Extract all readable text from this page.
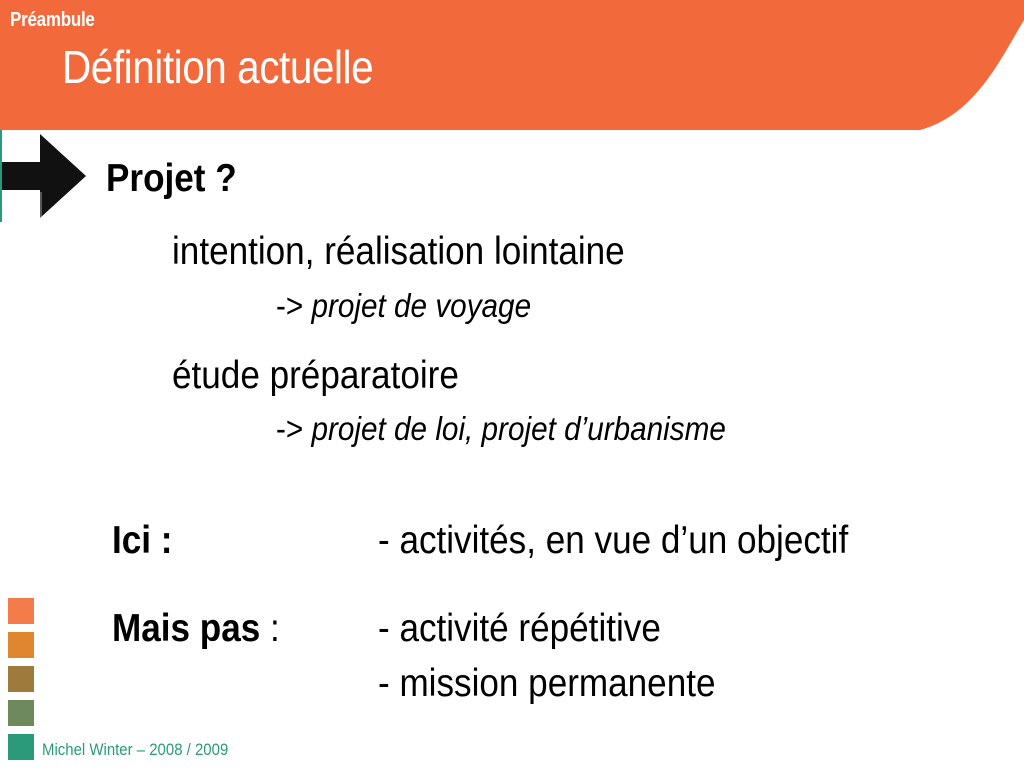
Préambule
Définition actuelle
Projet ?
intention, réalisation lointaine
-> projet de voyage
étude préparatoire
-> projet de loi, projet d’urbanisme
Ici :	- activités, en vue d’un objectif
Mais pas :	- activité répétitive
- mission permanente
Michel Winter – 2008 / 2009
